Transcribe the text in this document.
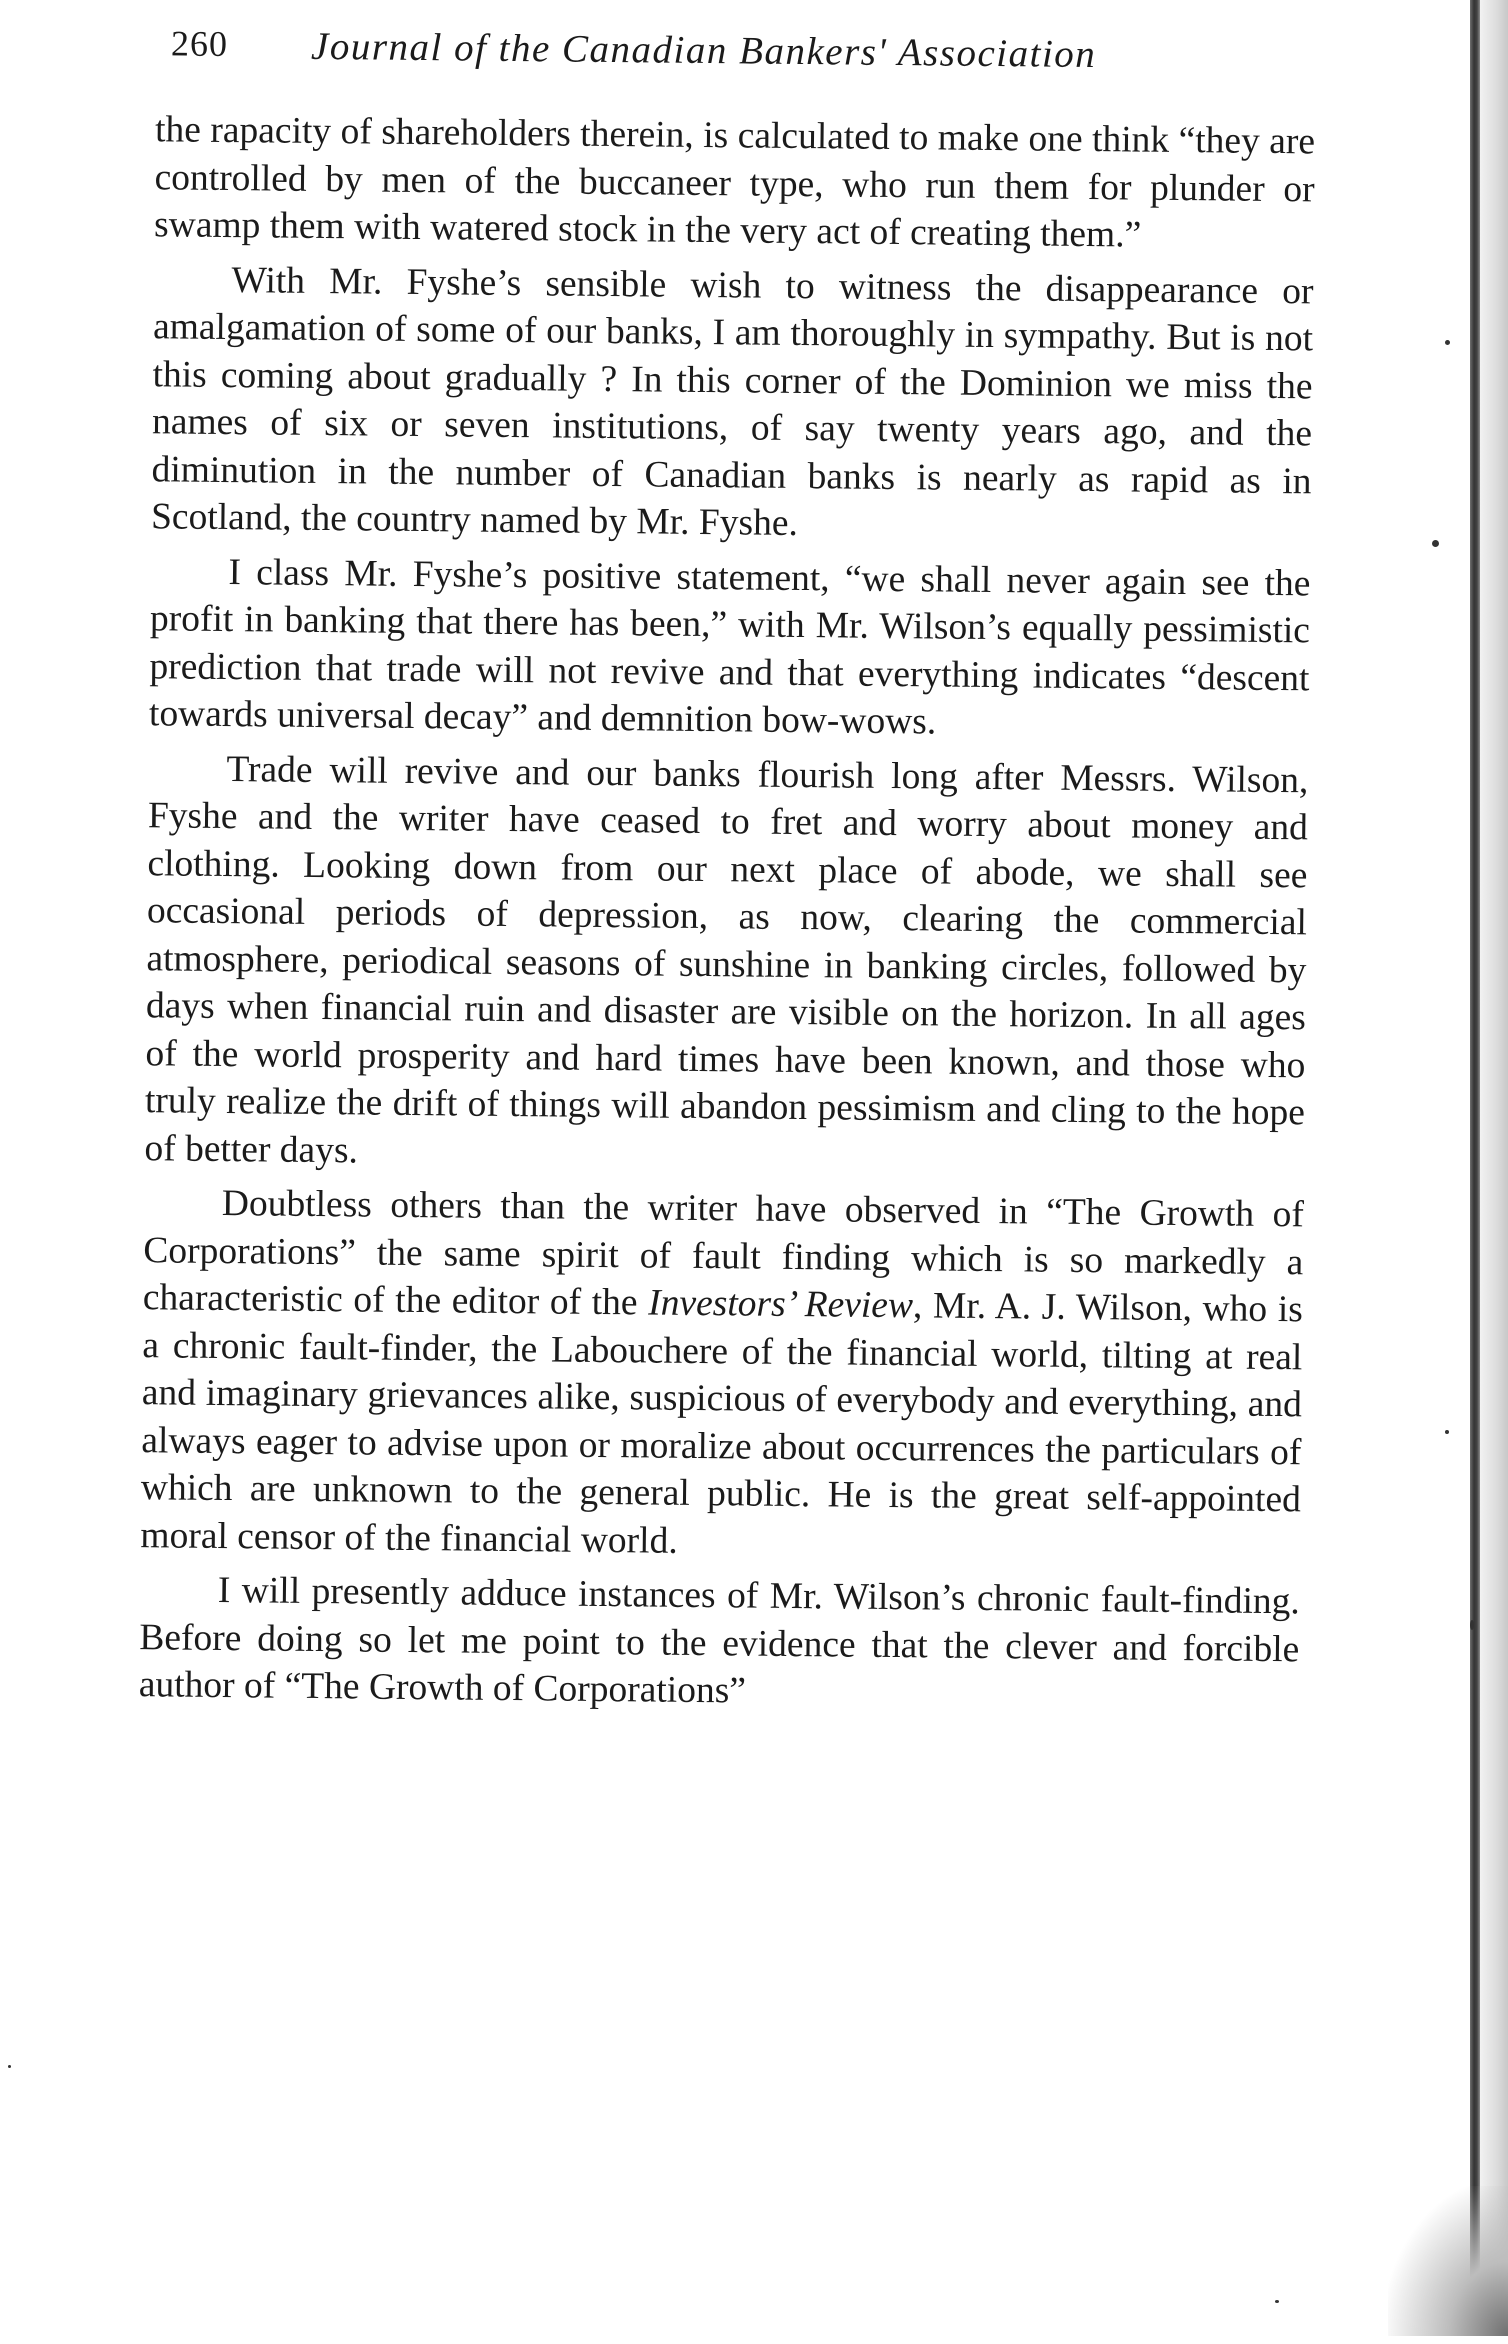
260 Journal of the Canadian Bankers' Association

the rapacity of shareholders therein, is calculated to make one think “they are controlled by men of the buccaneer type, who run them for plunder or swamp them with watered stock in the very act of creating them.”

With Mr. Fyshe’s sensible wish to witness the disappearance or amalgamation of some of our banks, I am thoroughly in sympathy. But is not this coming about gradually ? In this corner of the Dominion we miss the names of six or seven institutions, of say twenty years ago, and the diminution in the number of Canadian banks is nearly as rapid as in Scotland, the country named by Mr. Fyshe.

I class Mr. Fyshe’s positive statement, “we shall never again see the profit in banking that there has been,” with Mr. Wilson’s equally pessimistic prediction that trade will not revive and that everything indicates “descent towards universal decay” and demnition bow-wows.

Trade will revive and our banks flourish long after Messrs. Wilson, Fyshe and the writer have ceased to fret and worry about money and clothing. Looking down from our next place of abode, we shall see occasional periods of depression, as now, clearing the commercial atmosphere, periodical seasons of sunshine in banking circles, followed by days when financial ruin and disaster are visible on the horizon. In all ages of the world prosperity and hard times have been known, and those who truly realize the drift of things will abandon pessimism and cling to the hope of better days.

Doubtless others than the writer have observed in “The Growth of Corporations” the same spirit of fault finding which is so markedly a characteristic of the editor of the Investors’ Review, Mr. A. J. Wilson, who is a chronic fault-finder, the Labouchere of the financial world, tilting at real and imaginary grievances alike, suspicious of everybody and everything, and always eager to advise upon or moralize about occurrences the particulars of which are unknown to the general public. He is the great self-appointed moral censor of the financial world.

I will presently adduce instances of Mr. Wilson’s chronic fault-finding. Before doing so let me point to the evidence that the clever and forcible author of “The Growth of Corporations”
